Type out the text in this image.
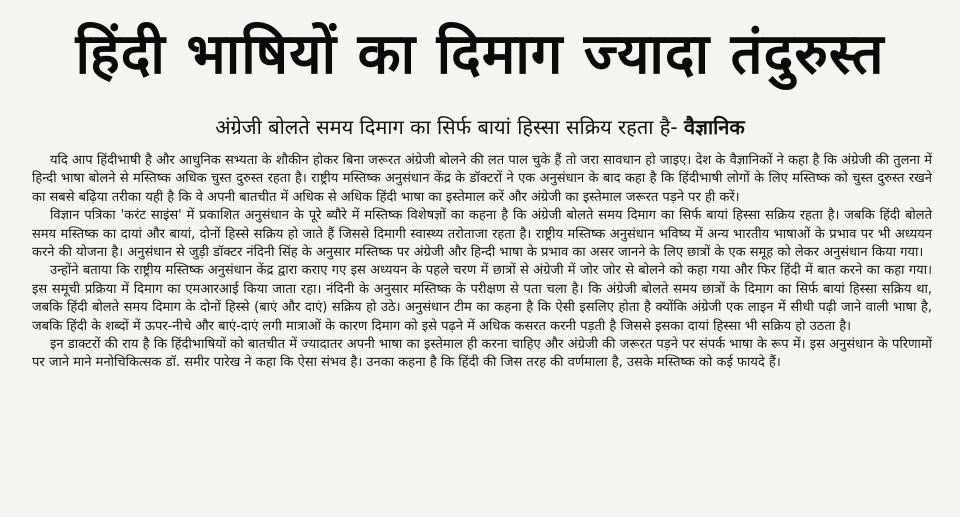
हिंदी भाषियों का दिमाग ज्यादा तंदुरुस्त
अंग्रेजी बोलते समय दिमाग का सिर्फ बायां हिस्सा सक्रिय रहता है- वैज्ञानिक

यदि आप हिंदीभाषी है और आधुनिक सभ्यता के शौकीन होकर बिना जरूरत अंग्रेजी बोलने की लत पाल चुके हैं तो जरा सावधान हो जाइए। देश के वैज्ञानिकों ने कहा है कि अंग्रेजी की तुलना में हिन्दी भाषा बोलने से मस्तिष्क अधिक चुस्त दुरुस्त रहता है। राष्ट्रीय मस्तिष्क अनुसंधान केंद्र के डॉक्टरों ने एक अनुसंधान के बाद कहा है कि हिंदीभाषी लोगों के लिए मस्तिष्क को चुस्त दुरुस्त रखने का सबसे बढ़िया तरीका यही है कि वे अपनी बातचीत में अधिक से अधिक हिंदी भाषा का इस्तेमाल करें और अंग्रेजी का इस्तेमाल जरूरत पड़ने पर ही करें।

विज्ञान पत्रिका 'करंट साइंस' में प्रकाशित अनुसंधान के पूरे ब्यौरे में मस्तिष्क विशेषज्ञों का कहना है कि अंग्रेजी बोलते समय दिमाग का सिर्फ बायां हिस्सा सक्रिय रहता है। जबकि हिंदी बोलते समय मस्तिष्क का दायां और बायां, दोनों हिस्से सक्रिय हो जाते हैं जिससे दिमागी स्वास्थ्य तरोताजा रहता है। राष्ट्रीय मस्तिष्क अनुसंधान भविष्य में अन्य भारतीय भाषाओं के प्रभाव पर भी अध्ययन करने की योजना है। अनुसंधान से जुड़ी डॉक्टर नंदिनी सिंह के अनुसार मस्तिष्क पर अंग्रेजी और हिन्दी भाषा के प्रभाव का असर जानने के लिए छात्रों के एक समूह को लेकर अनुसंधान किया गया।

उन्होंने बताया कि राष्ट्रीय मस्तिष्क अनुसंधान केंद्र द्वारा कराए गए इस अध्ययन के पहले चरण में छात्रों से अंग्रेजी में जोर जोर से बोलने को कहा गया और फिर हिंदी में बात करने का कहा गया। इस समूची प्रक्रिया में दिमाग का एमआरआई किया जाता रहा। नंदिनी के अनुसार मस्तिष्क के परीक्षण से पता चला है। कि अंग्रेजी बोलते समय छात्रों के दिमाग का सिर्फ बायां हिस्सा सक्रिय था, जबकि हिंदी बोलते समय दिमाग के दोनों हिस्से (बाएं और दाएं) सक्रिय हो उठे। अनुसंधान टीम का कहना है कि ऐसी इसलिए होता है क्योंकि अंग्रेजी एक लाइन में सीधी पढ़ी जाने वाली भाषा है, जबकि हिंदी के शब्दों में ऊपर-नीचे और बाएं-दाएं लगी मात्राओं के कारण दिमाग को इसे पढ़ने में अधिक कसरत करनी पड़ती है जिससे इसका दायां हिस्सा भी सक्रिय हो उठता है।

इन डाक्टरों की राय है कि हिंदीभाषियों को बातचीत में ज्यादातर अपनी भाषा का इस्तेमाल ही करना चाहिए और अंग्रेजी की जरूरत पड़ने पर संपर्क भाषा के रूप में। इस अनुसंधान के परिणामों पर जाने माने मनोचिकित्सक डॉ. समीर पारेख ने कहा कि ऐसा संभव है। उनका कहना है कि हिंदी की जिस तरह की वर्णमाला है, उसके मस्तिष्क को कई फायदे हैं।
